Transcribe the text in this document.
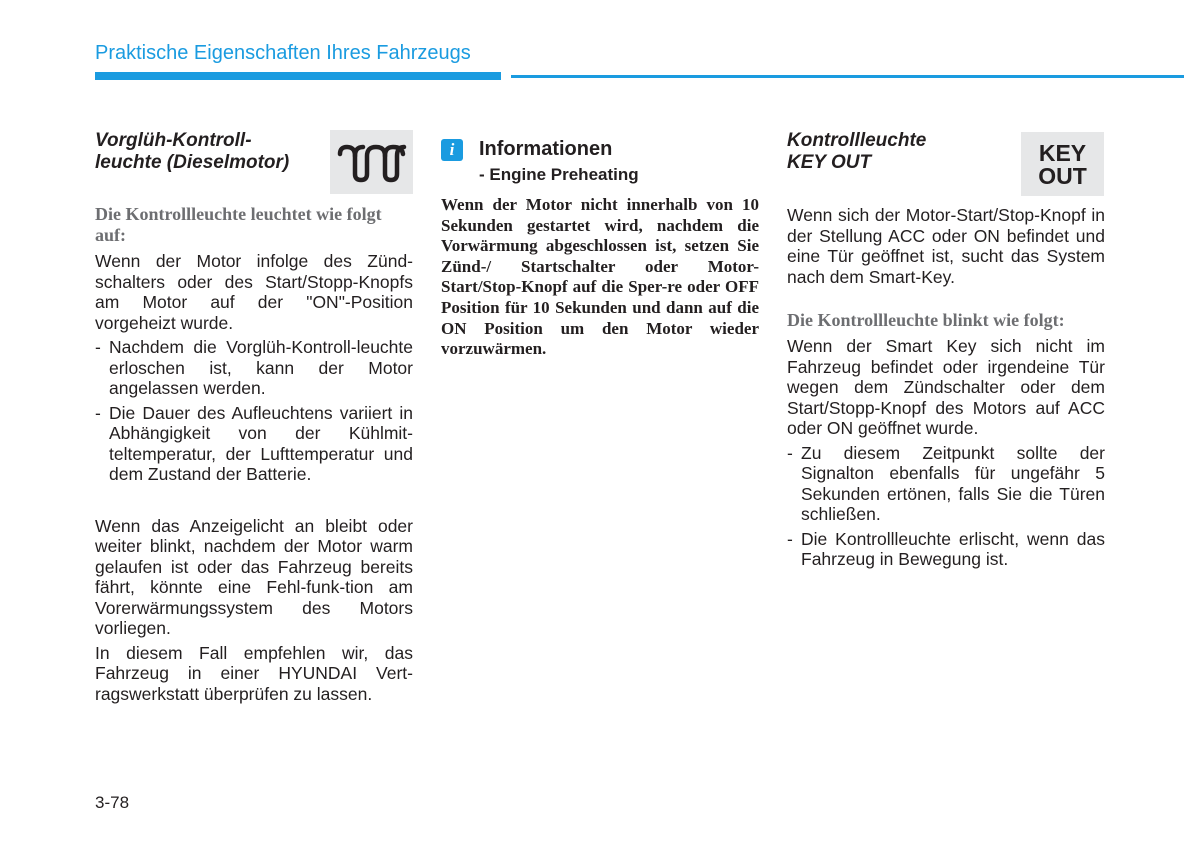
Praktische Eigenschaften Ihres Fahrzeugs

Vorglüh-Kontroll-
leuchte (Dieselmotor)

Die Kontrollleuchte leuchtet wie folgt auf:

Wenn der Motor infolge des Zünd-schalters oder des Start/Stopp-Knopfs am Motor auf der "ON"-Position vorgeheizt wurde.

- Nachdem die Vorglüh-Kontroll-leuchte erloschen ist, kann der Motor angelassen werden.
- Die Dauer des Aufleuchtens variiert in Abhängigkeit von der Kühlmit-teltemperatur, der Lufttemperatur und dem Zustand der Batterie.

Wenn das Anzeigelicht an bleibt oder weiter blinkt, nachdem der Motor warm gelaufen ist oder das Fahrzeug bereits fährt, könnte eine Fehl-funk-tion am Vorerwärmungssystem des Motors vorliegen.

In diesem Fall empfehlen wir, das Fahrzeug in einer HYUNDAI Vert-ragswerkstatt überprüfen zu lassen.

i	Informationen
- Engine Preheating

Wenn der Motor nicht innerhalb von 10 Sekunden gestartet wird, nachdem die Vorwärmung abgeschlossen ist, setzen Sie Zünd-/ Startschalter oder Motor-Start/Stop-Knopf auf die Sper-re oder OFF Position für 10 Sekunden und dann auf die ON Position um den Motor wieder vorzuwärmen.

Kontrollleuchte
KEY OUT	KEY
OUT

Wenn sich der Motor-Start/Stop-Knopf in der Stellung ACC oder ON befindet und eine Tür geöffnet ist, sucht das System nach dem Smart-Key.

Die Kontrollleuchte blinkt wie folgt:

Wenn der Smart Key sich nicht im Fahrzeug befindet oder irgendeine Tür wegen dem Zündschalter oder dem Start/Stopp-Knopf des Motors auf ACC oder ON geöffnet wurde.

- Zu diesem Zeitpunkt sollte der Signalton ebenfalls für ungefähr 5 Sekunden ertönen, falls Sie die Türen schließen.
- Die Kontrollleuchte erlischt, wenn das Fahrzeug in Bewegung ist.
3-78
